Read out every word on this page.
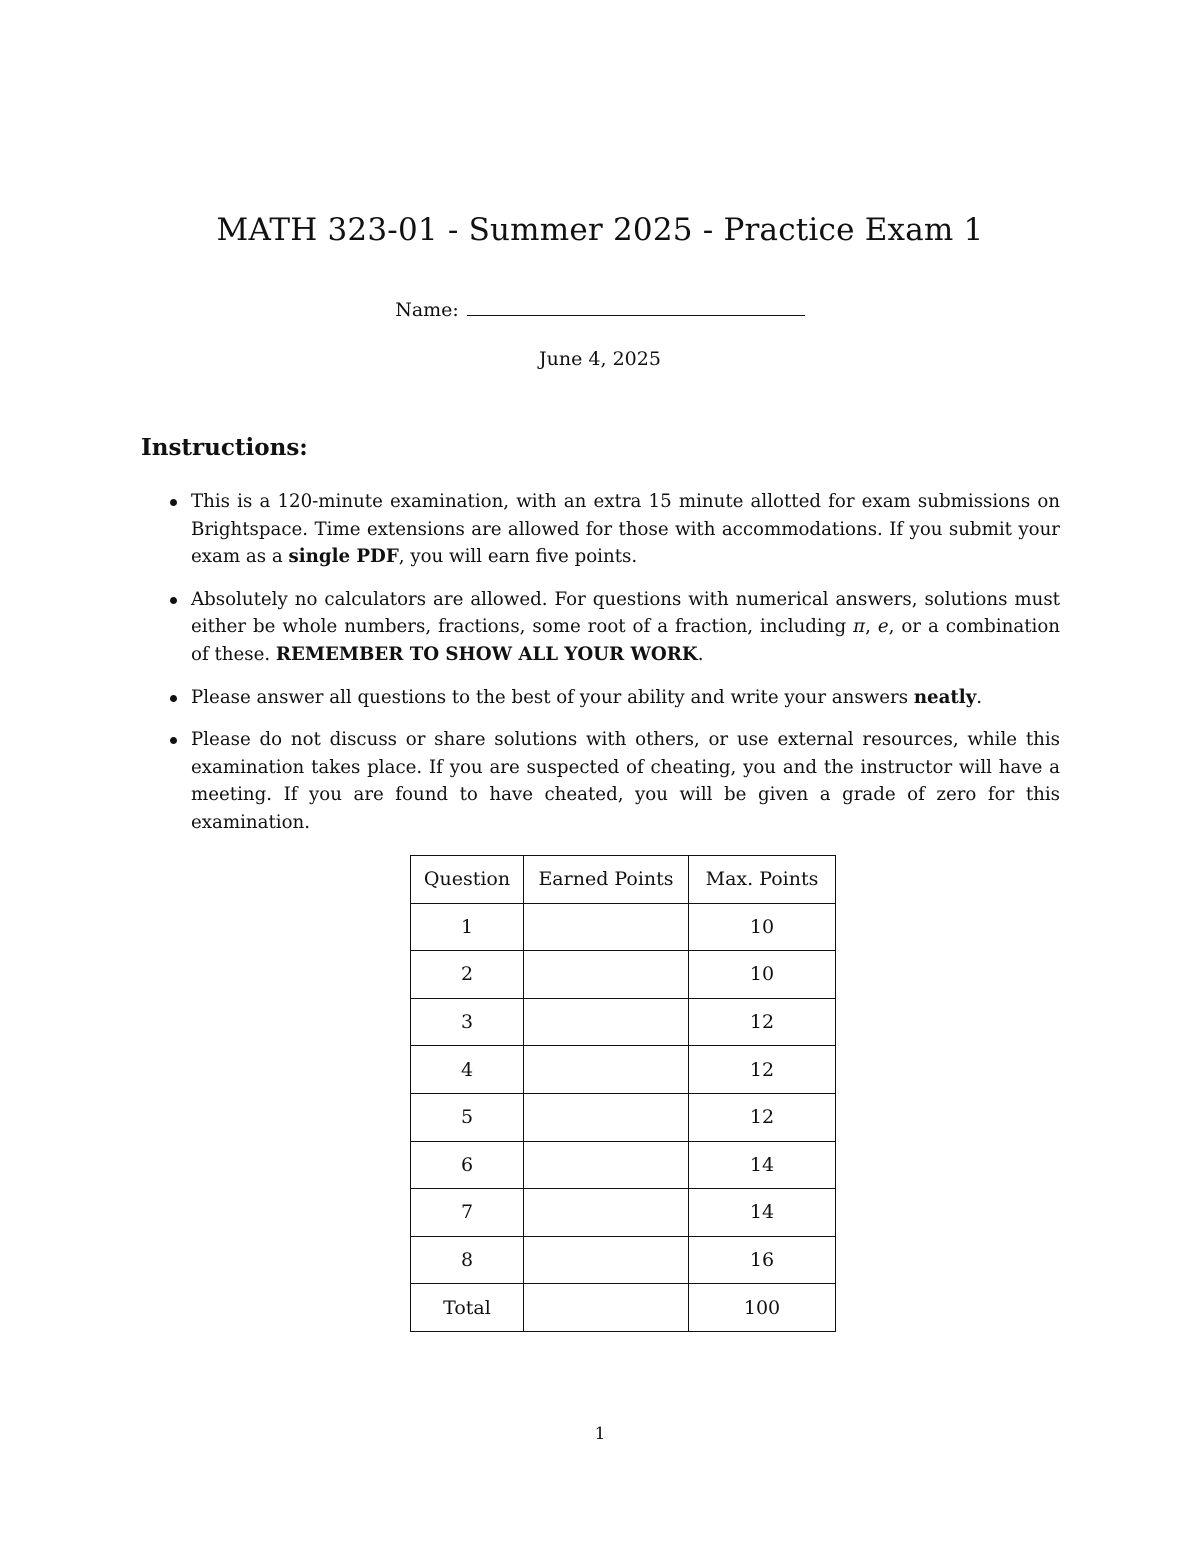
MATH 323-01 - Summer 2025 - Practice Exam 1
Name:
June 4, 2025
Instructions:
This is a 120-minute examination, with an extra 15 minute allotted for exam submissions on Brightspace. Time extensions are allowed for those with accommodations. If you submit your exam as a single PDF, you will earn five points.
Absolutely no calculators are allowed. For questions with numerical answers, solutions must either be whole numbers, fractions, some root of a fraction, including π, e, or a combination of these. REMEMBER TO SHOW ALL YOUR WORK.
Please answer all questions to the best of your ability and write your answers neatly.
Please do not discuss or share solutions with others, or use external resources, while this examination takes place. If you are suspected of cheating, you and the instructor will have a meeting. If you are found to have cheated, you will be given a grade of zero for this examination.
Question	Earned Points	Max. Points
1		10
2		10
3		12
4		12
5		12
6		14
7		14
8		16
Total		100
1
